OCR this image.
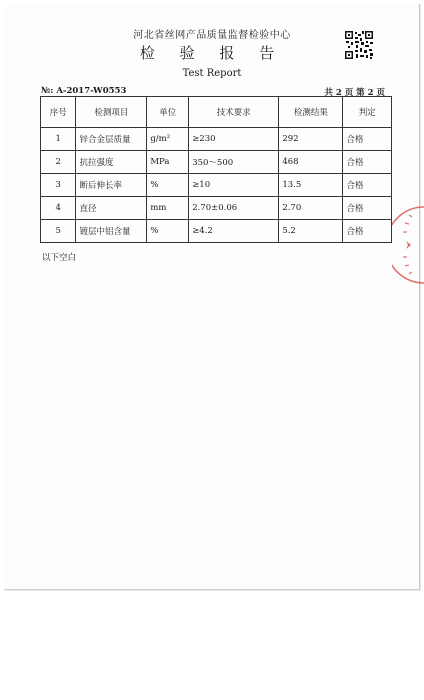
河北省丝网产品质量监督检验中心
检 验 报 告
Test Report
№: A-2017-W0553	共 2 页 第 2 页
序号	检测项目	单位	技术要求	检测结果	判定
1	锌合金层质量	g/m²	≥230	292	合格
2	抗拉强度	MPa	350～500	468	合格
3	断后伸长率	%	≥10	13.5	合格
4	直径	mm	2.70±0.06	2.70	合格
5	镀层中铝含量	%	≥4.2	5.2	合格
以下空白
